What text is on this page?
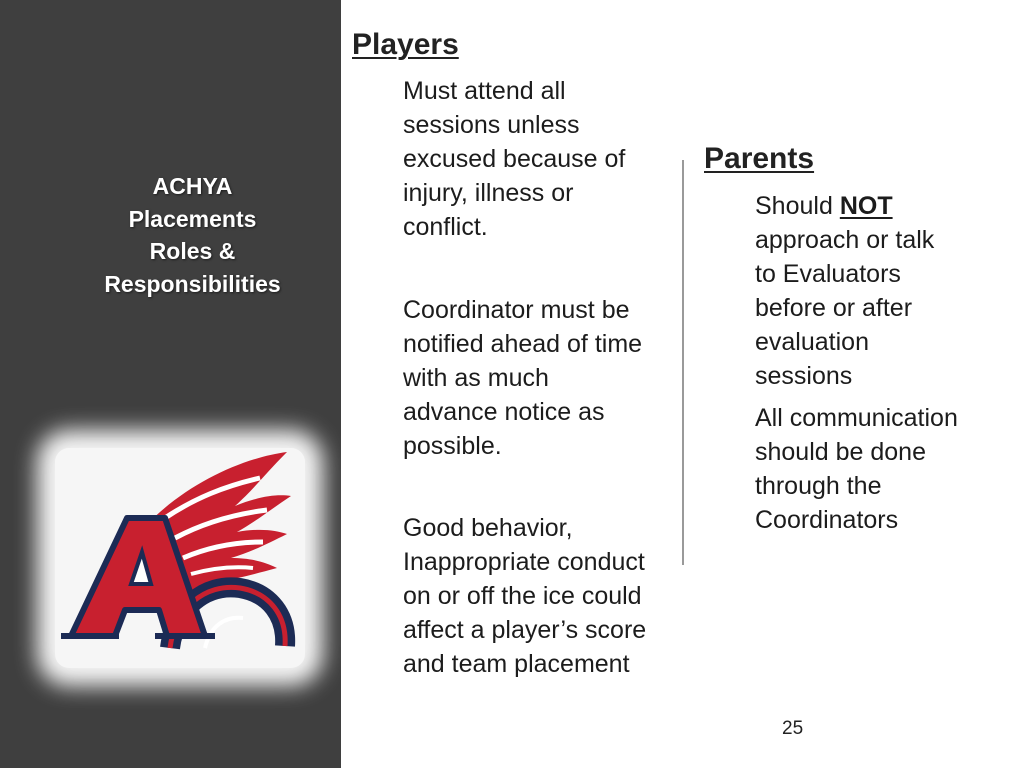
ACHYA
Placements
Roles &
Responsibilities
Players
Must attend all
sessions unless
excused because of
injury, illness or
conflict.
Coordinator must be
notified ahead of time
with as much
advance notice as
possible.
Good behavior,
Inappropriate conduct
on or off the ice could
affect a player’s score
and team placement
Parents
Should NOT
approach or talk
to Evaluators
before or after
evaluation
sessions
All communication
should be done
through the
Coordinators
25
